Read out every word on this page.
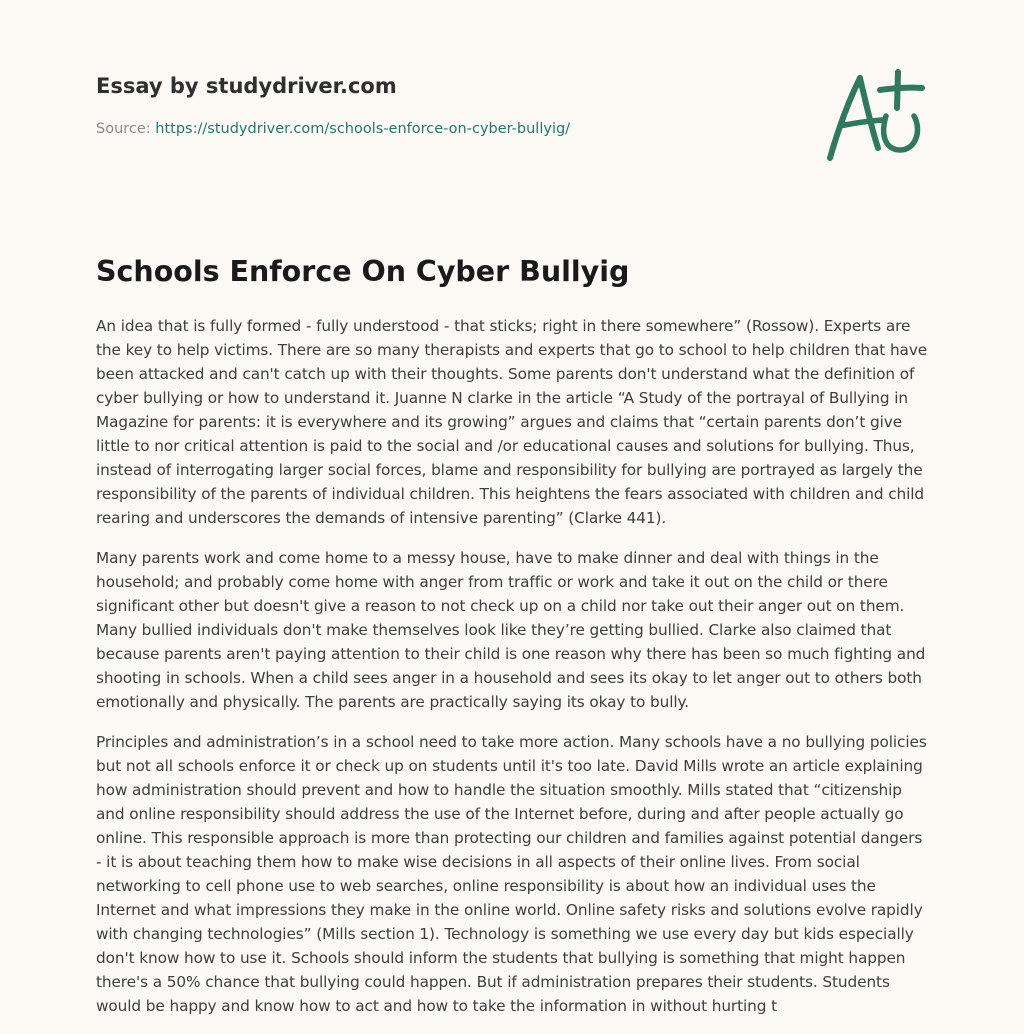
Essay by studydriver.com
Source: https://studydriver.com/schools-enforce-on-cyber-bullyig/
Schools Enforce On Cyber Bullyig

An idea that is fully formed - fully understood - that sticks; right in there somewhere” (Rossow). Experts are the key to help victims. There are so many therapists and experts that go to school to help children that have been attacked and can't catch up with their thoughts. Some parents don't understand what the definition of cyber bullying or how to understand it. Juanne N clarke in the article “A Study of the portrayal of Bullying in Magazine for parents: it is everywhere and its growing” argues and claims that “certain parents don’t give little to nor critical attention is paid to the social and /or educational causes and solutions for bullying. Thus, instead of interrogating larger social forces, blame and responsibility for bullying are portrayed as largely the responsibility of the parents of individual children. This heightens the fears associated with children and child rearing and underscores the demands of intensive parenting” (Clarke 441).

Many parents work and come home to a messy house, have to make dinner and deal with things in the household; and probably come home with anger from traffic or work and take it out on the child or there significant other but doesn't give a reason to not check up on a child nor take out their anger out on them. Many bullied individuals don't make themselves look like they’re getting bullied. Clarke also claimed that because parents aren't paying attention to their child is one reason why there has been so much fighting and shooting in schools. When a child sees anger in a household and sees its okay to let anger out to others both emotionally and physically. The parents are practically saying its okay to bully.

Principles and administration’s in a school need to take more action. Many schools have a no bullying policies but not all schools enforce it or check up on students until it's too late. David Mills wrote an article explaining how administration should prevent and how to handle the situation smoothly. Mills stated that “citizenship and online responsibility should address the use of the Internet before, during and after people actually go online. This responsible approach is more than protecting our children and families against potential dangers - it is about teaching them how to make wise decisions in all aspects of their online lives. From social networking to cell phone use to web searches, online responsibility is about how an individual uses the Internet and what impressions they make in the online world. Online safety risks and solutions evolve rapidly with changing technologies” (Mills section 1). Technology is something we use every day but kids especially don't know how to use it. Schools should inform the students that bullying is something that might happen there's a 50% chance that bullying could happen. But if administration prepares their students. Students would be happy and know how to act and how to take the information in without hurting t
